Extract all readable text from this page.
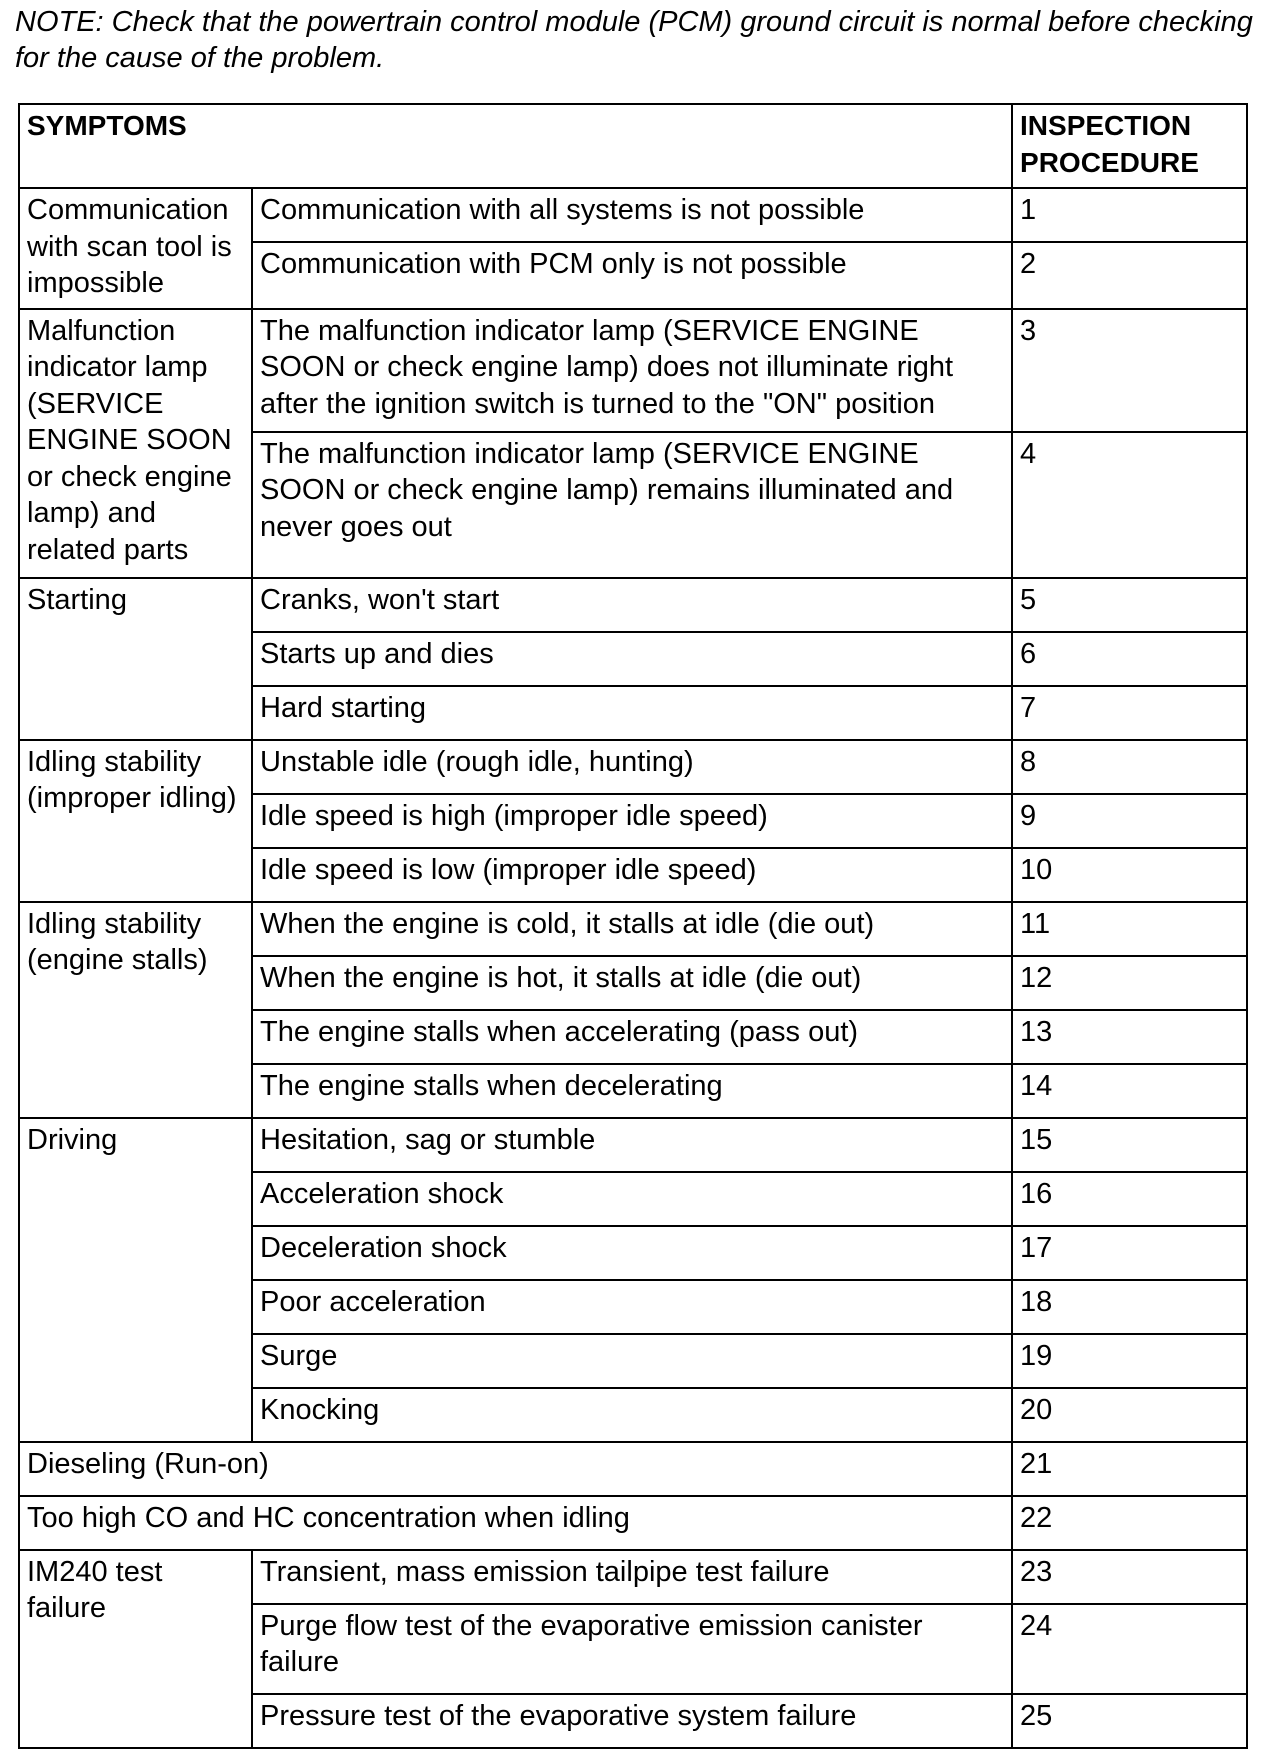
NOTE: Check that the powertrain control module (PCM) ground circuit is normal before checking for the cause of the problem.

SYMPTOMS		INSPECTION
PROCEDURE
Communication with scan tool is impossible	Communication with all systems is not possible	1
	Communication with PCM only is not possible	2
Malfunction indicator lamp (SERVICE ENGINE SOON or check engine lamp) and related parts	The malfunction indicator lamp (SERVICE ENGINE SOON or check engine lamp) does not illuminate right after the ignition switch is turned to the "ON" position	3
	The malfunction indicator lamp (SERVICE ENGINE SOON or check engine lamp) remains illuminated and never goes out	4
Starting	Cranks, won't start	5
	Starts up and dies	6
	Hard starting	7
Idling stability (improper idling)	Unstable idle (rough idle, hunting)	8
	Idle speed is high (improper idle speed)	9
	Idle speed is low (improper idle speed)	10
Idling stability (engine stalls)	When the engine is cold, it stalls at idle (die out)	11
	When the engine is hot, it stalls at idle (die out)	12
	The engine stalls when accelerating (pass out)	13
	The engine stalls when decelerating	14
Driving	Hesitation, sag or stumble	15
	Acceleration shock	16
	Deceleration shock	17
	Poor acceleration	18
	Surge	19
	Knocking	20
Dieseling (Run-on)		21
Too high CO and HC concentration when idling		22
IM240 test failure	Transient, mass emission tailpipe test failure	23
	Purge flow test of the evaporative emission canister failure	24
	Pressure test of the evaporative system failure	25
